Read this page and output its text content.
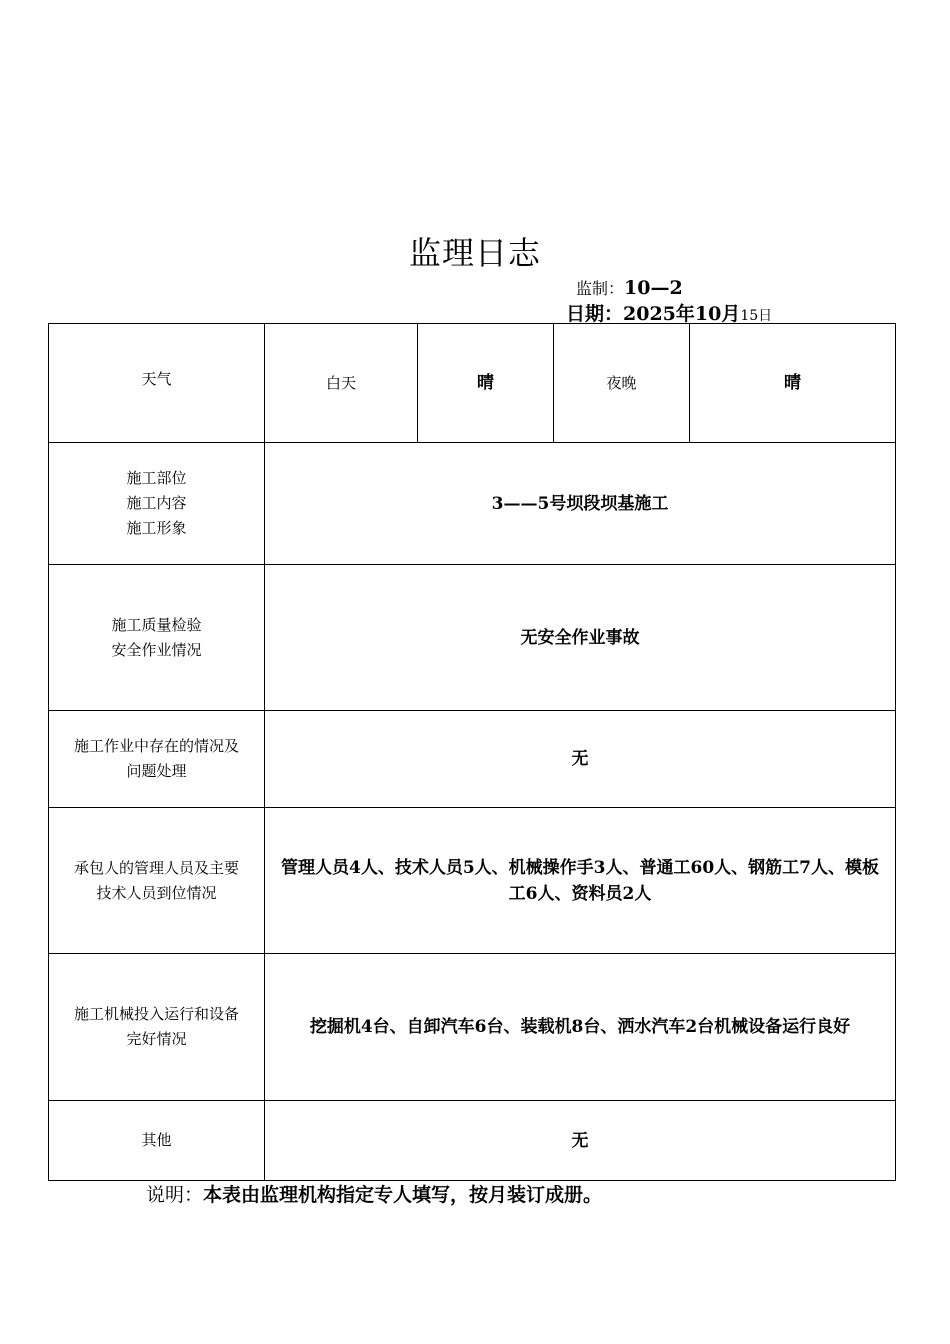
监理日志
监制：10—2
日期：2025年10月15日
天气	白天	晴	夜晚	晴

施工部位
施工内容
施工形象	3——5号坝段坝基施工			

施工质量检验
安全作业情况	无安全作业事故			

施工作业中存在的情况及
问题处理	无			

承包人的管理人员及主要
技术人员到位情况	管理人员4人、技术人员5人、机械操作手3人、普通工60人、钢筋工7人、模板工6人、资料员2人			

施工机械投入运行和设备
完好情况	挖掘机4台、自卸汽车6台、装载机8台、洒水汽车2台机械设备运行良好			

其他	无			
说明：本表由监理机构指定专人填写，按月装订成册。
